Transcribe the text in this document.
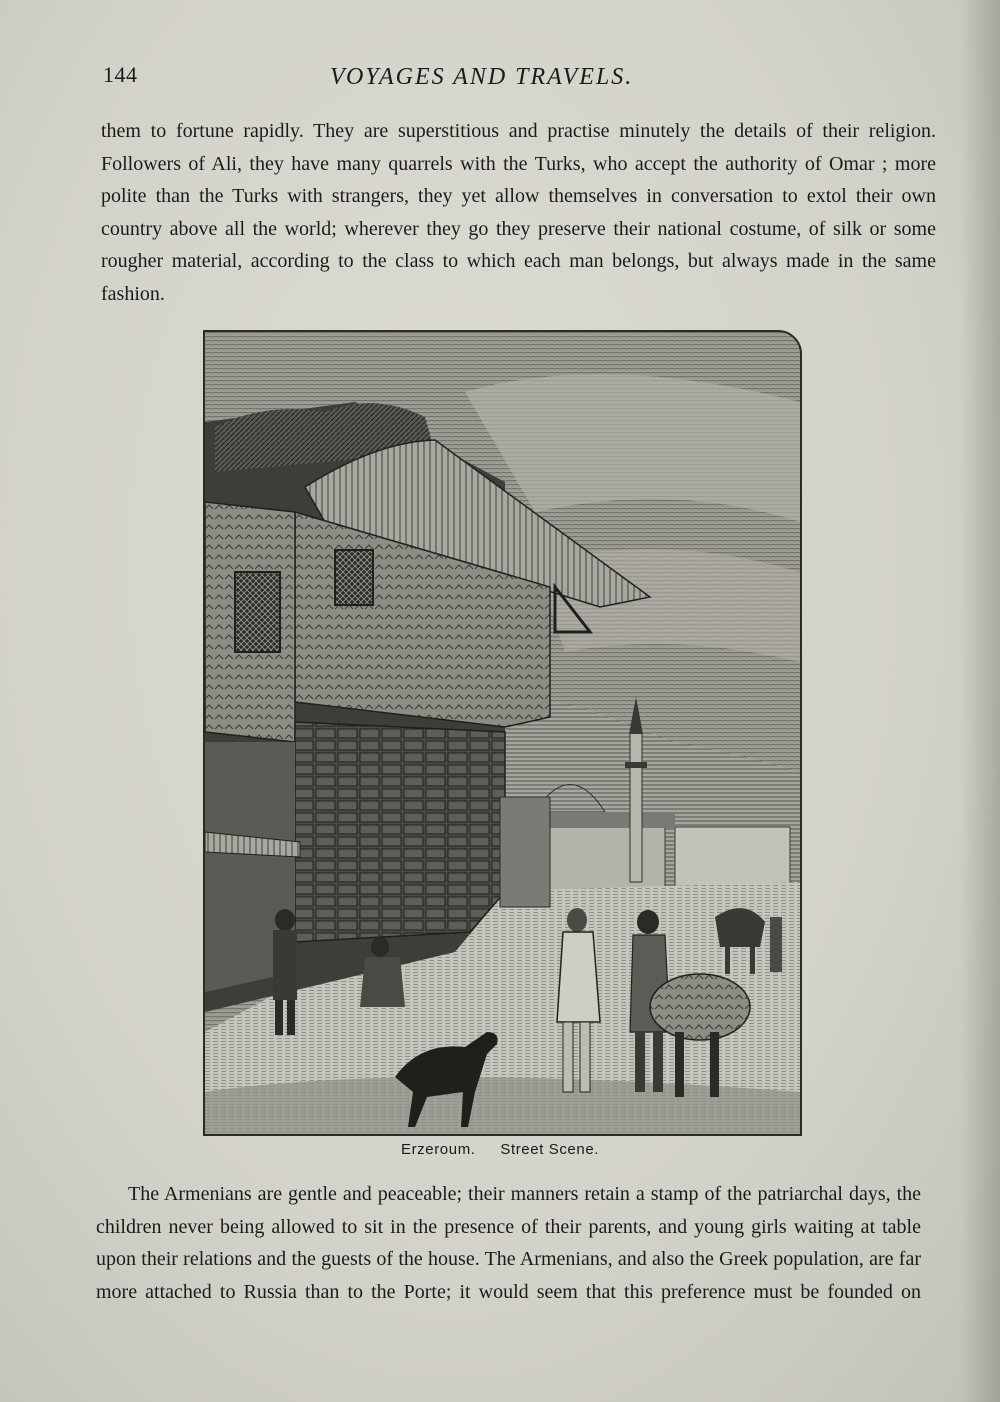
144	VOYAGES AND TRAVELS.

them to fortune rapidly. They are superstitious and practise minutely the details of their religion. Followers of Ali, they have many quarrels with the Turks, who accept the authority of Omar ; more polite than the Turks with strangers, they yet allow themselves in conversation to extol their own country above all the world; wherever they go they preserve their national costume, of silk or some rougher material, according to the class to which each man belongs, but always made in the same fashion.

Erzeroum. Street Scene.

The Armenians are gentle and peaceable; their manners retain a stamp of the patriarchal days, the children never being allowed to sit in the presence of their parents, and young girls waiting at table upon their relations and the guests of the house. The Armenians, and also the Greek population, are far more attached to Russia than to the Porte; it would seem that this preference must be founded on
